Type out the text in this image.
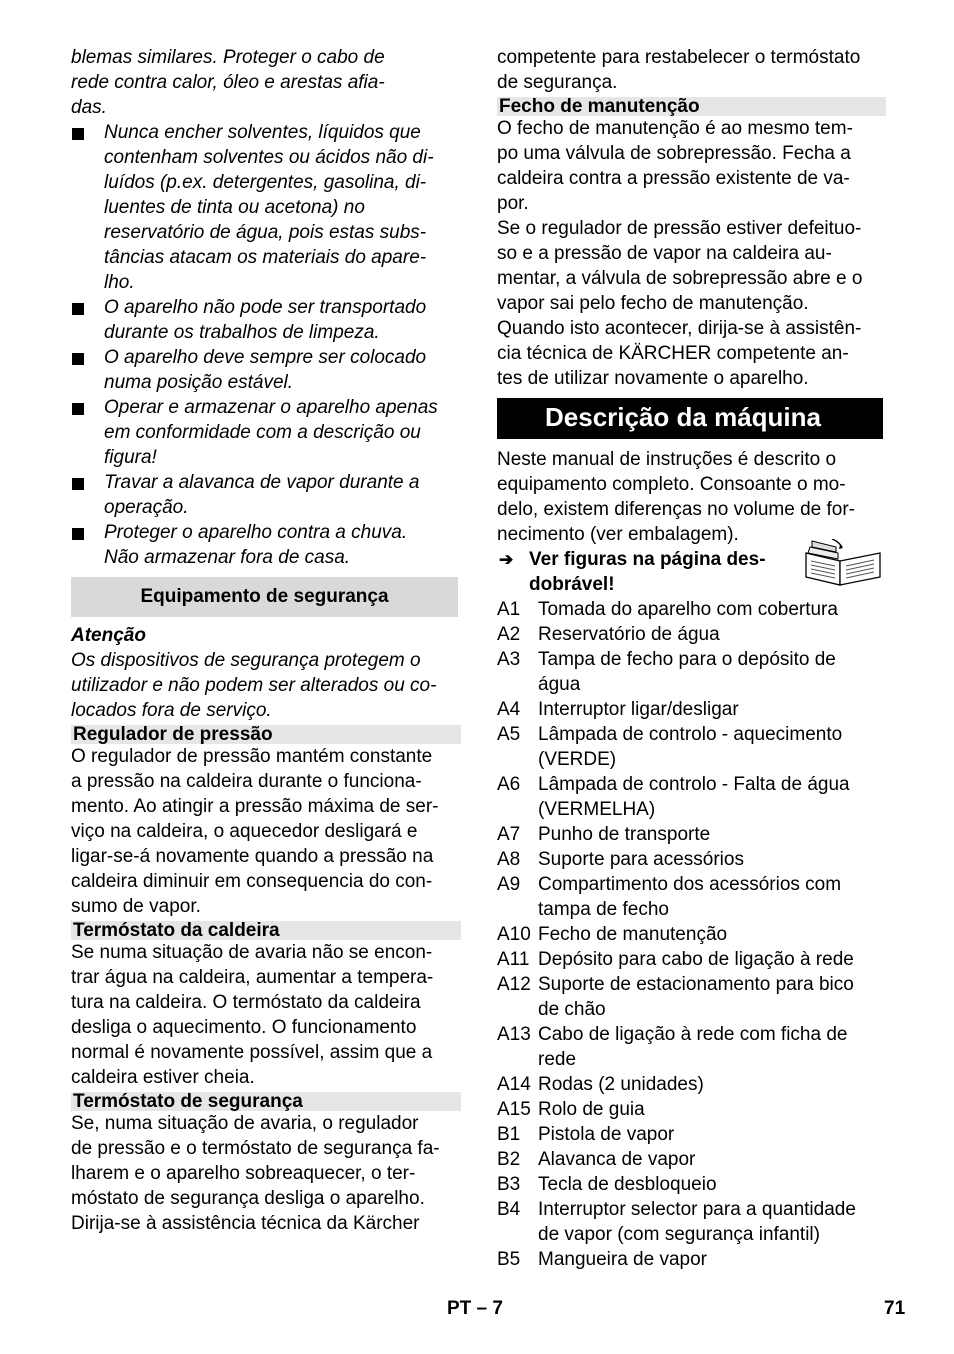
blemas similares. Proteger o cabo de
rede contra calor, óleo e arestas afia-
das.

Nunca encher solventes, líquidos que
contenham solventes ou ácidos não di-
luídos (p.ex. detergentes, gasolina, di-
luentes de tinta ou acetona) no
reservatório de água, pois estas subs-
tâncias atacam os materiais do apare-
lho.
O aparelho não pode ser transportado
durante os trabalhos de limpeza.
O aparelho deve sempre ser colocado
numa posição estável.
Operar e armazenar o aparelho apenas
em conformidade com a descrição ou
figura!
Travar a alavanca de vapor durante a
operação.
Proteger o aparelho contra a chuva.
Não armazenar fora de casa.
Equipamento de segurança

Atenção

Os dispositivos de segurança protegem o
utilizador e não podem ser alterados ou co-
locados fora de serviço.

Regulador de pressão

O regulador de pressão mantém constante
a pressão na caldeira durante o funciona-
mento. Ao atingir a pressão máxima de ser-
viço na caldeira, o aquecedor desligará e
ligar-se-á novamente quando a pressão na
caldeira diminuir em consequencia do con-
sumo de vapor.

Termóstato da caldeira

Se numa situação de avaria não se encon-
trar água na caldeira, aumentar a tempera-
tura na caldeira. O termóstato da caldeira
desliga o aquecimento. O funcionamento
normal é novamente possível, assim que a
caldeira estiver cheia.

Termóstato de segurança

Se, numa situação de avaria, o regulador
de pressão e o termóstato de segurança fa-
lharem e o aparelho sobreaquecer, o ter-
móstato de segurança desliga o aparelho.
Dirija-se à assistência técnica da Kärcher

competente para restabelecer o termóstato
de segurança.

Fecho de manutenção

O fecho de manutenção é ao mesmo tem-
po uma válvula de sobrepressão. Fecha a
caldeira contra a pressão existente de va-
por.
Se o regulador de pressão estiver defeituo-
so e a pressão de vapor na caldeira au-
mentar, a válvula de sobrepressão abre e o
vapor sai pelo fecho de manutenção.
Quando isto acontecer, dirija-se à assistên-
cia técnica de KÄRCHER competente an-
tes de utilizar novamente o aparelho.

Descrição da máquina

Neste manual de instruções é descrito o
equipamento completo. Consoante o mo-
delo, existem diferenças no volume de for-
necimento (ver embalagem).

➔ Ver figuras na página des-
dobrável!
A1 Tomada do aparelho com cobertura
A2 Reservatório de água
A3 Tampa de fecho para o depósito de
água
A4 Interruptor ligar/desligar
A5 Lâmpada de controlo - aquecimento
(VERDE)
A6 Lâmpada de controlo - Falta de água
(VERMELHA)
A7 Punho de transporte
A8 Suporte para acessórios
A9 Compartimento dos acessórios com
tampa de fecho
A10 Fecho de manutenção
A11 Depósito para cabo de ligação à rede
A12 Suporte de estacionamento para bico
de chão
A13 Cabo de ligação à rede com ficha de
rede
A14 Rodas (2 unidades)
A15 Rolo de guia
B1 Pistola de vapor
B2 Alavanca de vapor
B3 Tecla de desbloqueio
B4 Interruptor selector para a quantidade
de vapor (com segurança infantil)
B5 Mangueira de vapor
PT – 7	71
